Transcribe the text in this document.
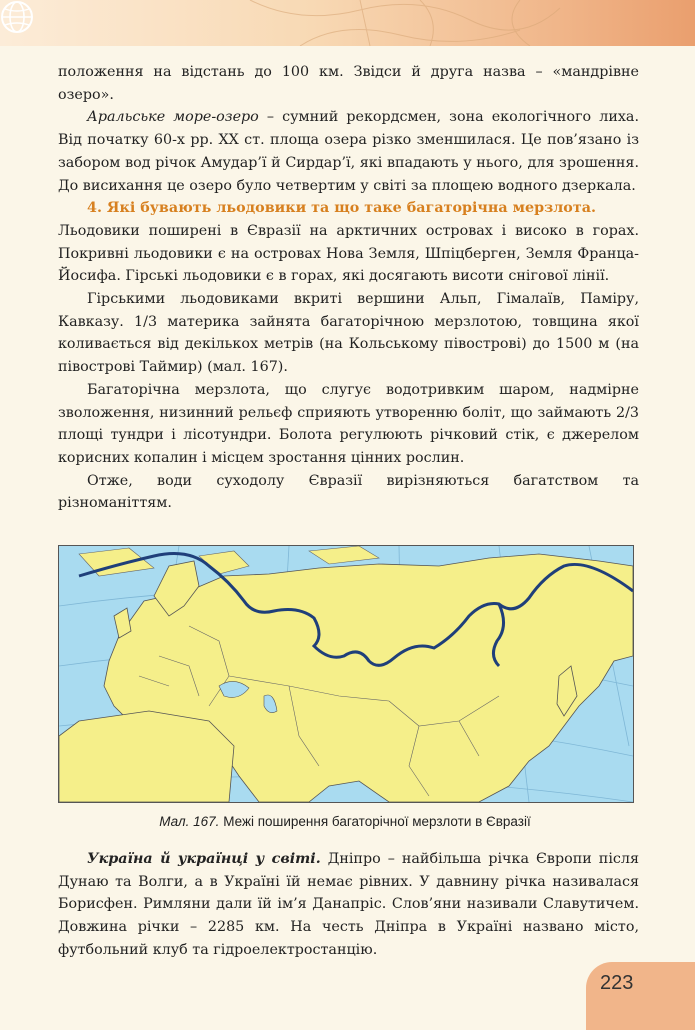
положення на відстань до 100 км. Звідси й друга назва – «мандрівне озеро».

Аральське море-озеро – сумний рекордсмен, зона екологічного лиха. Від початку 60-х рр. XX ст. площа озера різко зменшилася. Це пов’язано із забором вод річок Амудар’ї й Сирдар’ї, які впадають у нього, для зрошення. До висихання це озеро було четвертим у світі за площею водного дзеркала.

4. Які бувають льодовики та що таке багаторічна мерзлота.

Льодовики поширені в Євразії на арктичних островах і високо в горах. Покривні льодовики є на островах Нова Земля, Шпіцберген, Земля Франца-Йосифа. Гірські льодовики є в горах, які досягають висоти снігової лінії.

Гірськими льодовиками вкриті вершини Альп, Гімалаїв, Паміру, Кавказу. 1/3 материка зайнята багаторічною мерзлотою, товщина якої коливається від декількох метрів (на Кольському півострові) до 1500 м (на півострові Таймир) (мал. 167).

Багаторічна мерзлота, що слугує водотривким шаром, надмірне зволоження, низинний рельєф сприяють утворенню боліт, що займають 2/3 площі тундри і лісотундри. Болота регулюють річковий стік, є джерелом корисних копалин і місцем зростання цінних рослин.

Отже, води суходолу Євразії вирізняються багатством та різноманіттям.

Мал. 167. Межі поширення багаторічної мерзлоти в Євразії

Україна й українці у світі. Дніпро – найбільша річка Європи після Дунаю та Волги, а в Україні їй немає рівних. У давнину річка називалася Борисфен. Римляни дали їй ім’я Данапріс. Слов’яни називали Славутичем. Довжина річки – 2285 км. На честь Дніпра в Україні названо місто, футбольний клуб та гідроелектростанцію.

223
